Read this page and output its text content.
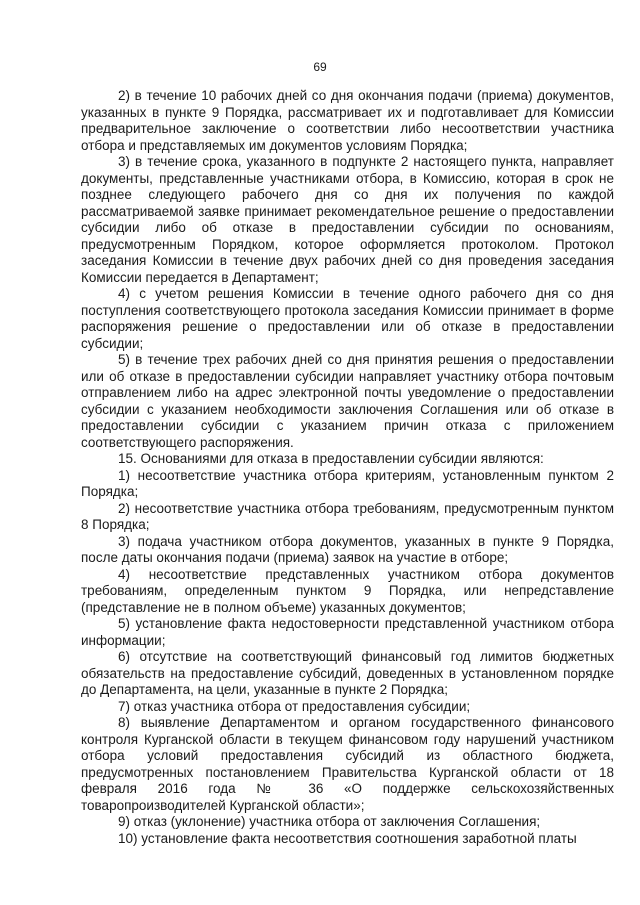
69

2) в течение 10 рабочих дней со дня окончания подачи (приема) документов, указанных в пункте 9 Порядка, рассматривает их и подготавливает для Комиссии предварительное заключение о соответствии либо несоответствии участника отбора и представляемых им документов условиям Порядка;

3) в течение срока, указанного в подпункте 2 настоящего пункта, направляет документы, представленные участниками отбора, в Комиссию, которая в срок не позднее следующего рабочего дня со дня их получения по каждой рассматриваемой заявке принимает рекомендательное решение о предоставлении субсидии либо об отказе в предоставлении субсидии по основаниям, предусмотренным Порядком, которое оформляется протоколом. Протокол заседания Комиссии в течение двух рабочих дней со дня проведения заседания Комиссии передается в Департамент;

4) с учетом решения Комиссии в течение одного рабочего дня со дня поступления соответствующего протокола заседания Комиссии принимает в форме распоряжения решение о предоставлении или об отказе в предоставлении субсидии;

5) в течение трех рабочих дней со дня принятия решения о предоставлении или об отказе в предоставлении субсидии направляет участнику отбора почтовым отправлением либо на адрес электронной почты уведомление о предоставлении субсидии с указанием необходимости заключения Соглашения или об отказе в предоставлении субсидии с указанием причин отказа с приложением соответствующего распоряжения.

15. Основаниями для отказа в предоставлении субсидии являются:

1) несоответствие участника отбора критериям, установленным пунктом 2 Порядка;

2) несоответствие участника отбора требованиям, предусмотренным пунктом 8 Порядка;

3) подача участником отбора документов, указанных в пункте 9 Порядка, после даты окончания подачи (приема) заявок на участие в отборе;

4) несоответствие представленных участником отбора документов требованиям, определенным пунктом 9 Порядка, или непредставление (представление не в полном объеме) указанных документов;

5) установление факта недостоверности представленной участником отбора информации;

6) отсутствие на соответствующий финансовый год лимитов бюджетных обязательств на предоставление субсидий, доведенных в установленном порядке до Департамента, на цели, указанные в пункте 2 Порядка;

7) отказ участника отбора от предоставления субсидии;

8) выявление Департаментом и органом государственного финансового контроля Курганской области в текущем финансовом году нарушений участником отбора условий предоставления субсидий из областного бюджета, предусмотренных постановлением Правительства Курганской области от 18 февраля 2016 года № 36 «О поддержке сельскохозяйственных товаропроизводителей Курганской области»;

9) отказ (уклонение) участника отбора от заключения Соглашения;

10) установление факта несоответствия соотношения заработной платы
